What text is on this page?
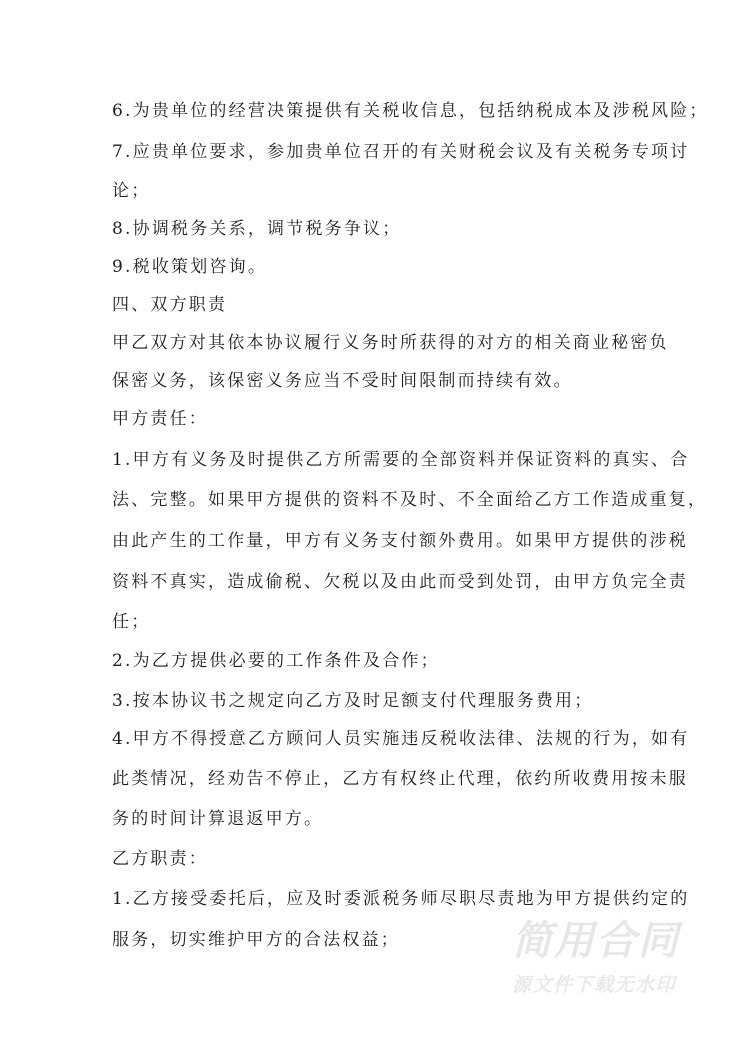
6.为贵单位的经营决策提供有关税收信息，包括纳税成本及涉税风险；
7.应贵单位要求，参加贵单位召开的有关财税会议及有关税务专项讨
论；
8.协调税务关系，调节税务争议；
9.税收策划咨询。
四、双方职责
甲乙双方对其依本协议履行义务时所获得的对方的相关商业秘密负
保密义务，该保密义务应当不受时间限制而持续有效。
甲方责任：
1.甲方有义务及时提供乙方所需要的全部资料并保证资料的真实、合
法、完整。如果甲方提供的资料不及时、不全面给乙方工作造成重复，
由此产生的工作量，甲方有义务支付额外费用。如果甲方提供的涉税
资料不真实，造成偷税、欠税以及由此而受到处罚，由甲方负完全责
任；
2.为乙方提供必要的工作条件及合作；
3.按本协议书之规定向乙方及时足额支付代理服务费用；
4.甲方不得授意乙方顾问人员实施违反税收法律、法规的行为，如有
此类情况，经劝告不停止，乙方有权终止代理，依约所收费用按未服
务的时间计算退返甲方。
乙方职责：
1.乙方接受委托后，应及时委派税务师尽职尽责地为甲方提供约定的
服务，切实维护甲方的合法权益；	简用合同
源文件下载无水印
